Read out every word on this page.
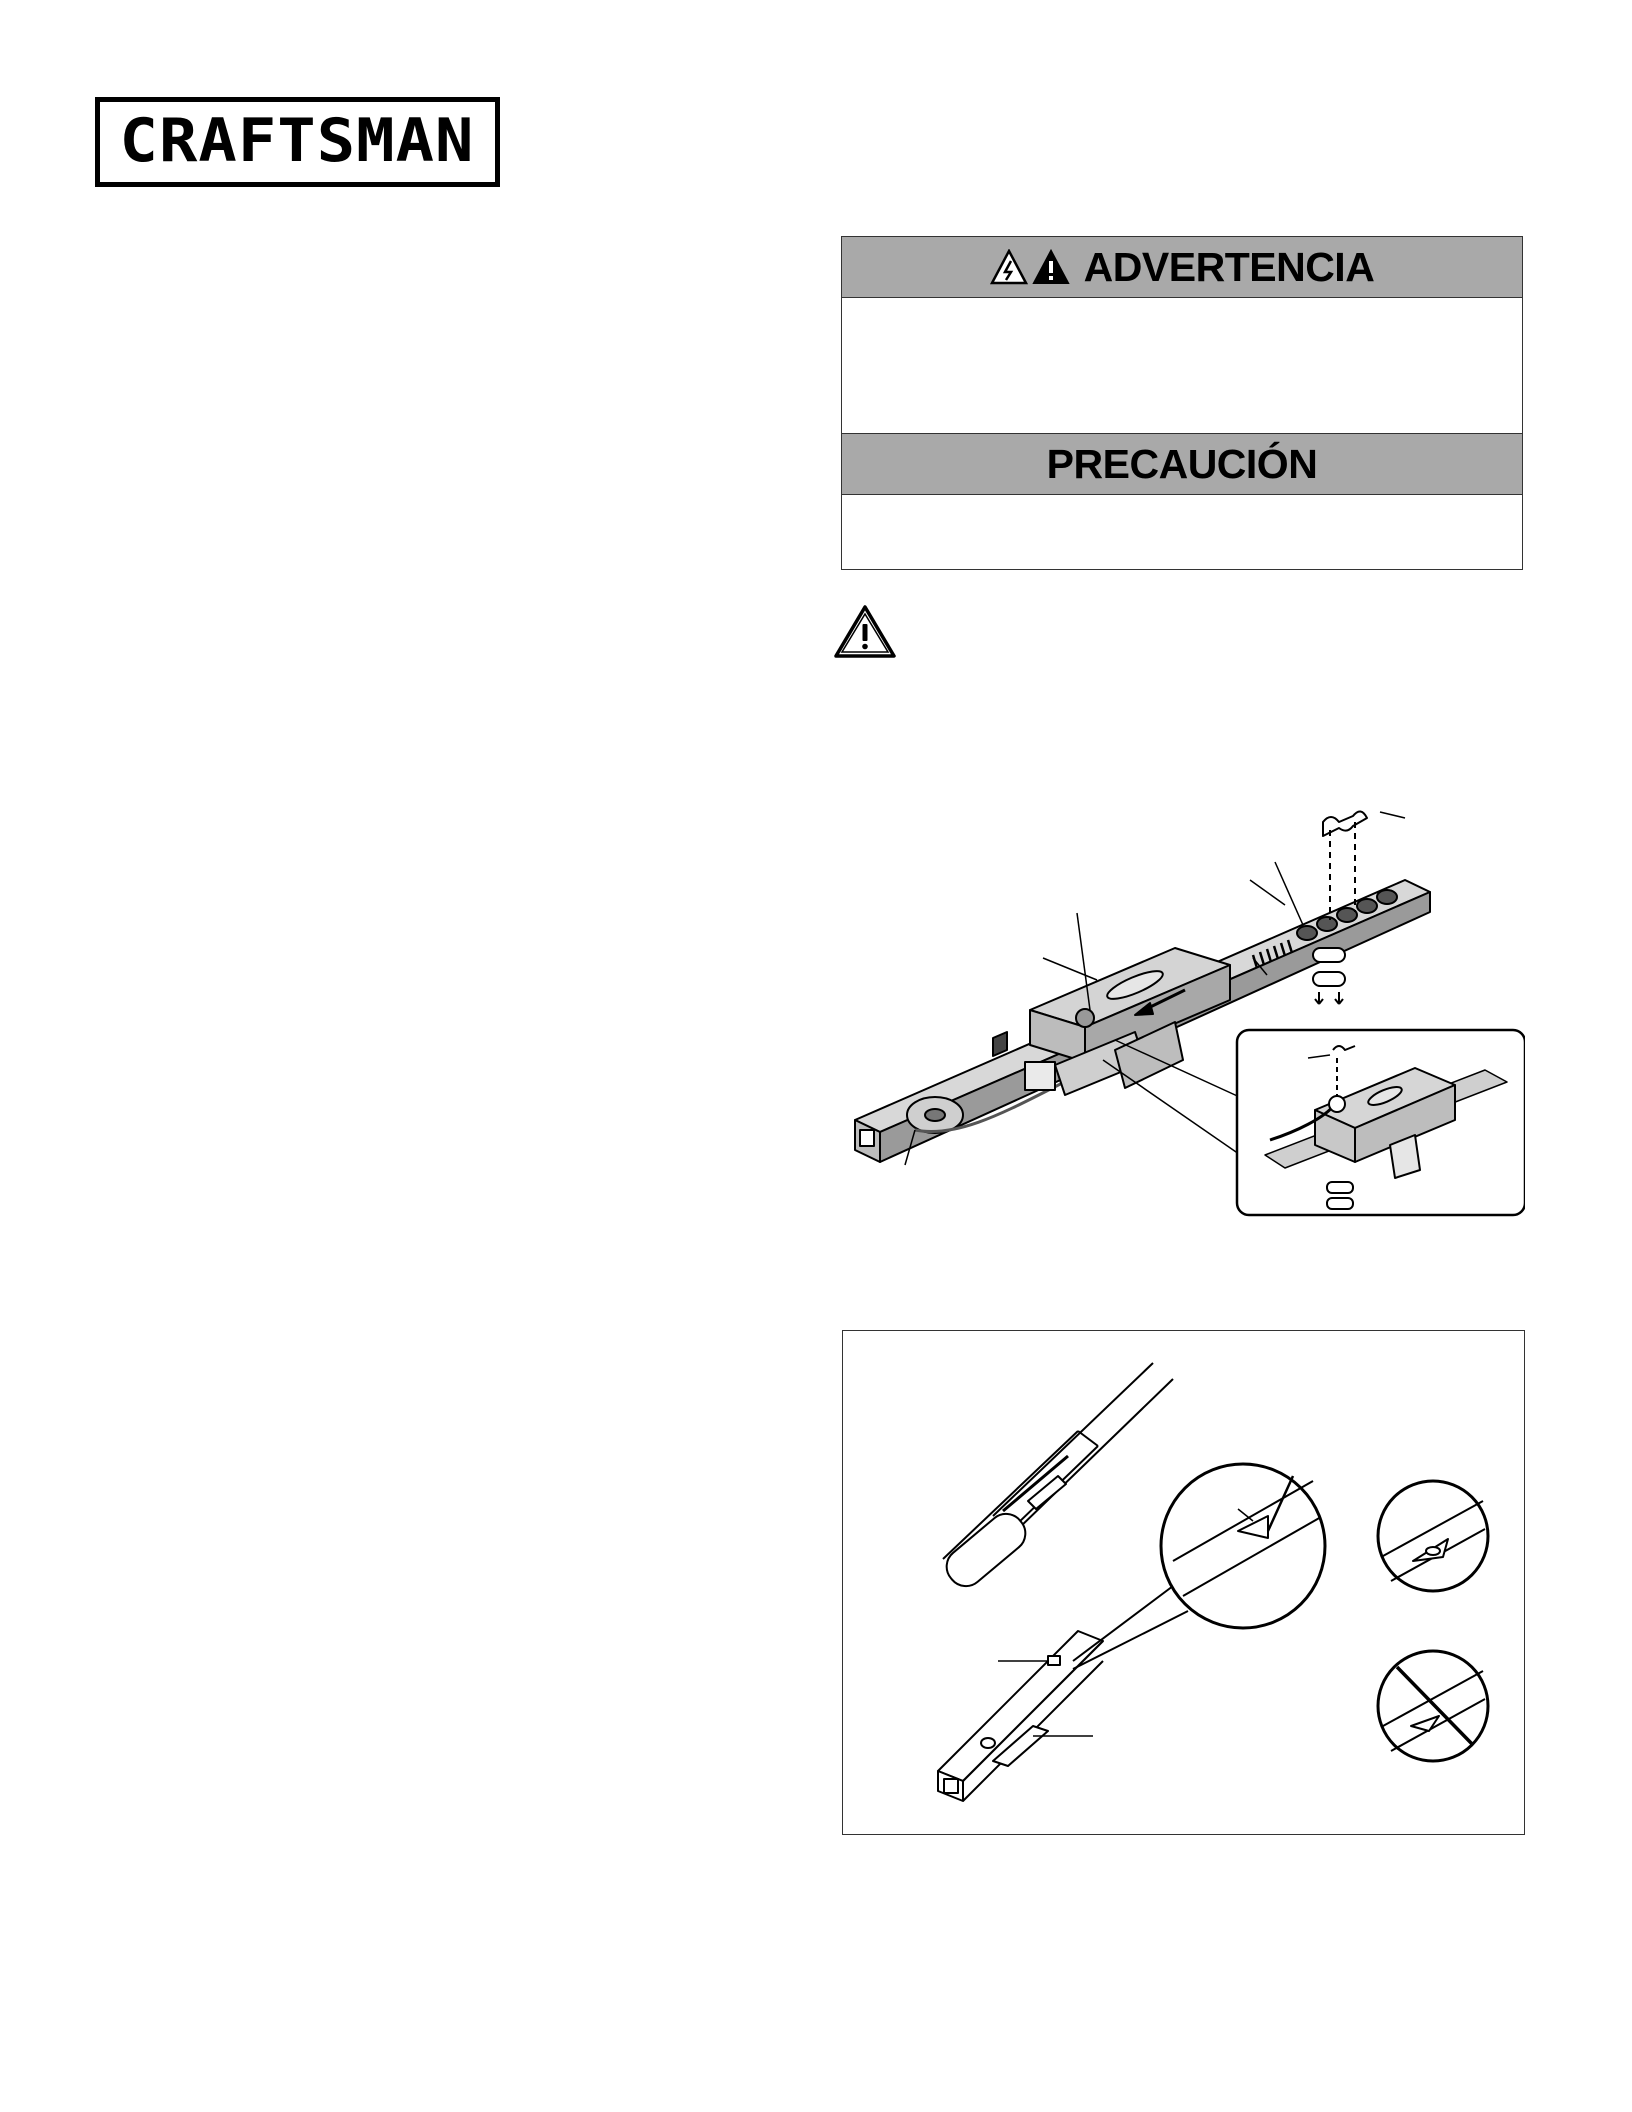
CRAFTSMAN
ADVERTENCIA
PRECAUCIÓN
